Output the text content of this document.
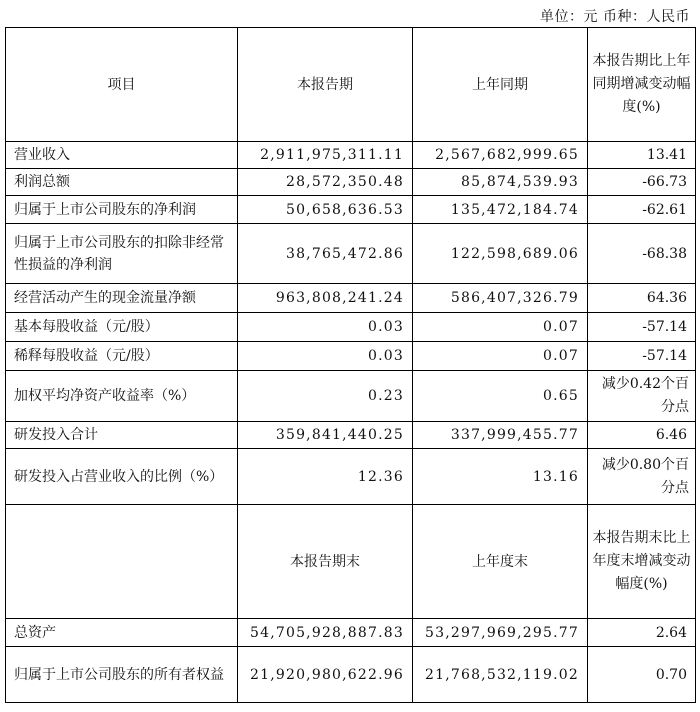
单位：元 币种：人民币
项目	本报告期	上年同期	本报告期比上年同期增减变动幅度(%)
营业收入	2,911,975,311.11	2,567,682,999.65	13.41
利润总额	28,572,350.48	85,874,539.93	-66.73
归属于上市公司股东的净利润	50,658,636.53	135,472,184.74	-62.61
归属于上市公司股东的扣除非经常性损益的净利润	38,765,472.86	122,598,689.06	-68.38
经营活动产生的现金流量净额	963,808,241.24	586,407,326.79	64.36
基本每股收益（元/股）	0.03	0.07	-57.14
稀释每股收益（元/股）	0.03	0.07	-57.14
加权平均净资产收益率（%）	0.23	0.65	减少0.42个百分点
研发投入合计	359,841,440.25	337,999,455.77	6.46
研发投入占营业收入的比例（%）	12.36	13.16	减少0.80个百分点
	本报告期末	上年度末	本报告期末比上年度末增减变动幅度(%)
总资产	54,705,928,887.83	53,297,969,295.77	2.64
归属于上市公司股东的所有者权益	21,920,980,622.96	21,768,532,119.02	0.70
